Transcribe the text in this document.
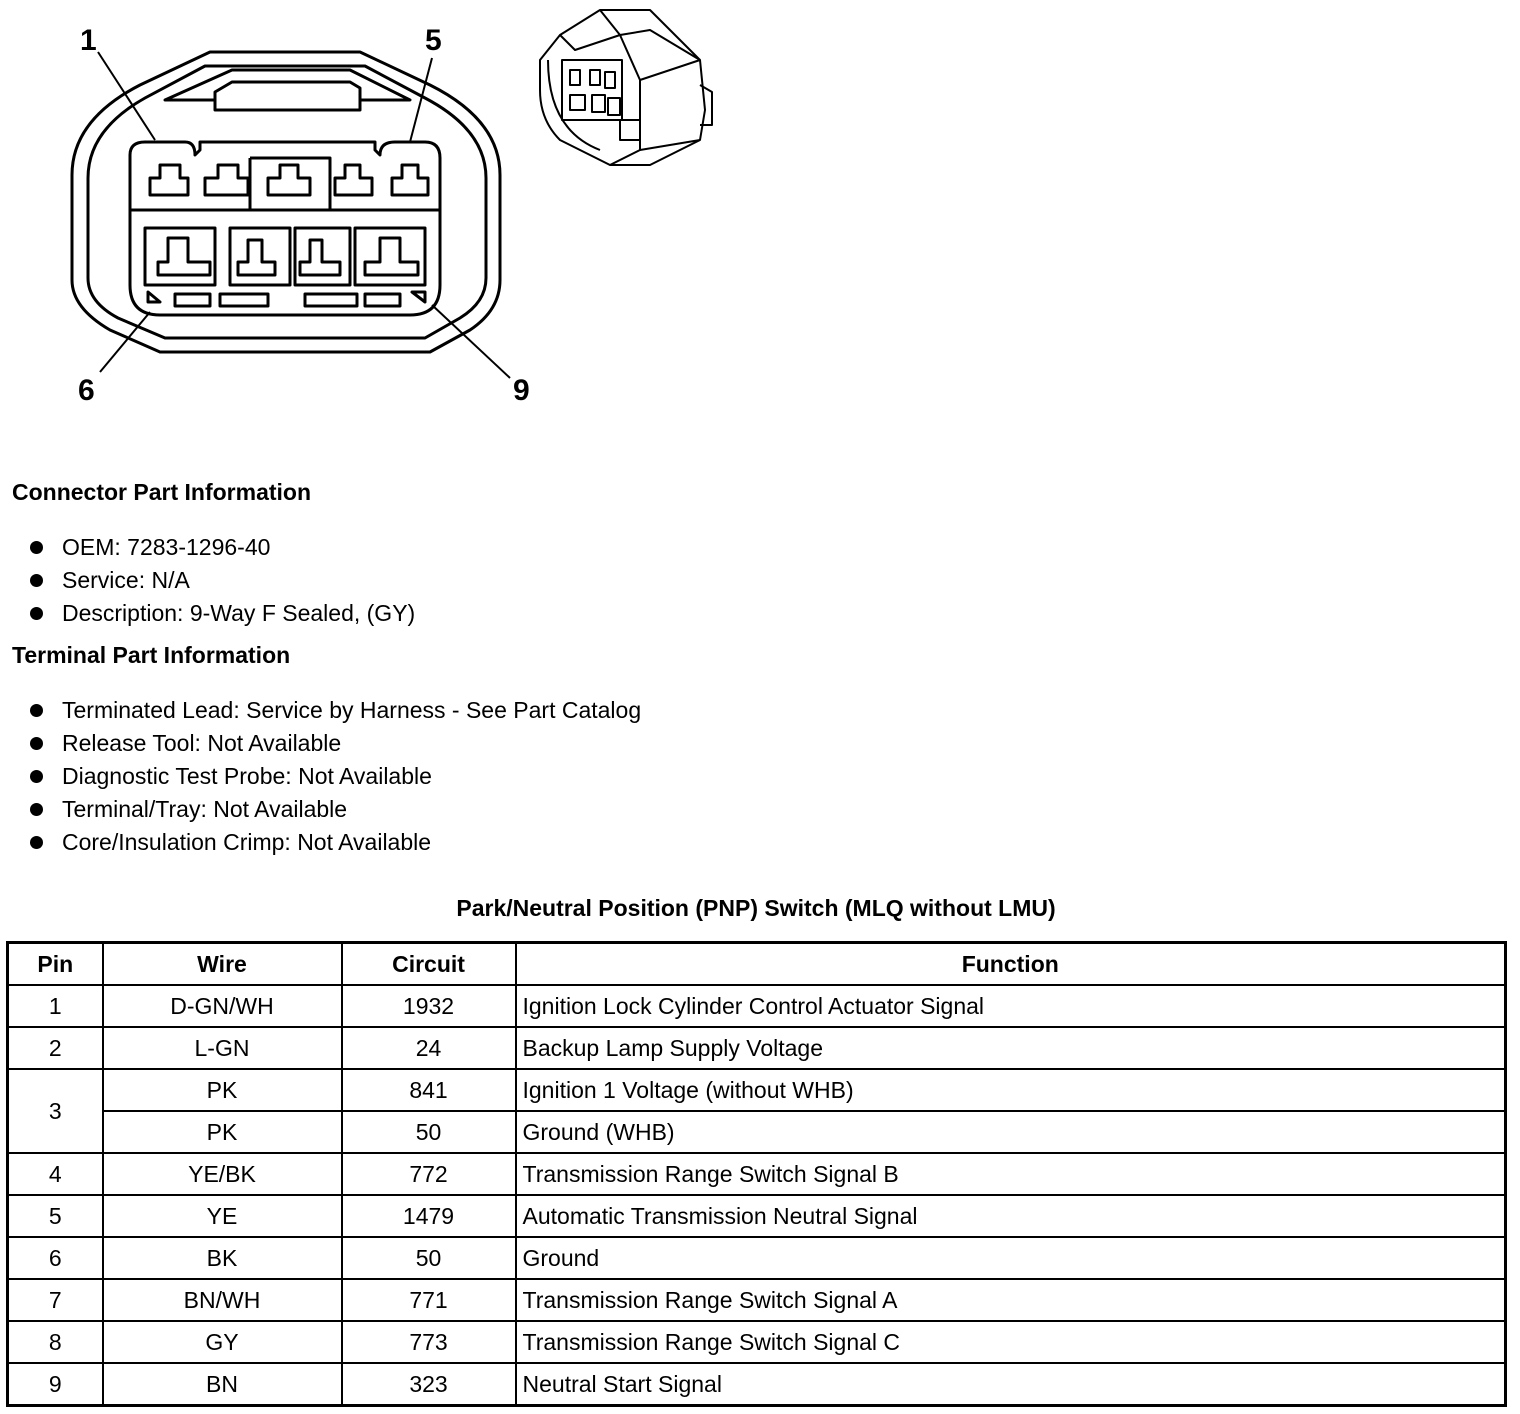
1	5
6	9
Connector Part Information
OEM: 7283-1296-40
Service: N/A
Description: 9-Way F Sealed, (GY)
Terminal Part Information
Terminated Lead: Service by Harness - See Part Catalog
Release Tool: Not Available
Diagnostic Test Probe: Not Available
Terminal/Tray: Not Available
Core/Insulation Crimp: Not Available
Park/Neutral Position (PNP) Switch (MLQ without LMU)
Pin	Wire	Circuit	Function
1	D-GN/WH	1932	Ignition Lock Cylinder Control Actuator Signal
2	L-GN	24	Backup Lamp Supply Voltage
3	PK	841	Ignition 1 Voltage (without WHB)
	PK	50	Ground (WHB)
4	YE/BK	772	Transmission Range Switch Signal B
5	YE	1479	Automatic Transmission Neutral Signal
6	BK	50	Ground
7	BN/WH	771	Transmission Range Switch Signal A
8	GY	773	Transmission Range Switch Signal C
9	BN	323	Neutral Start Signal
